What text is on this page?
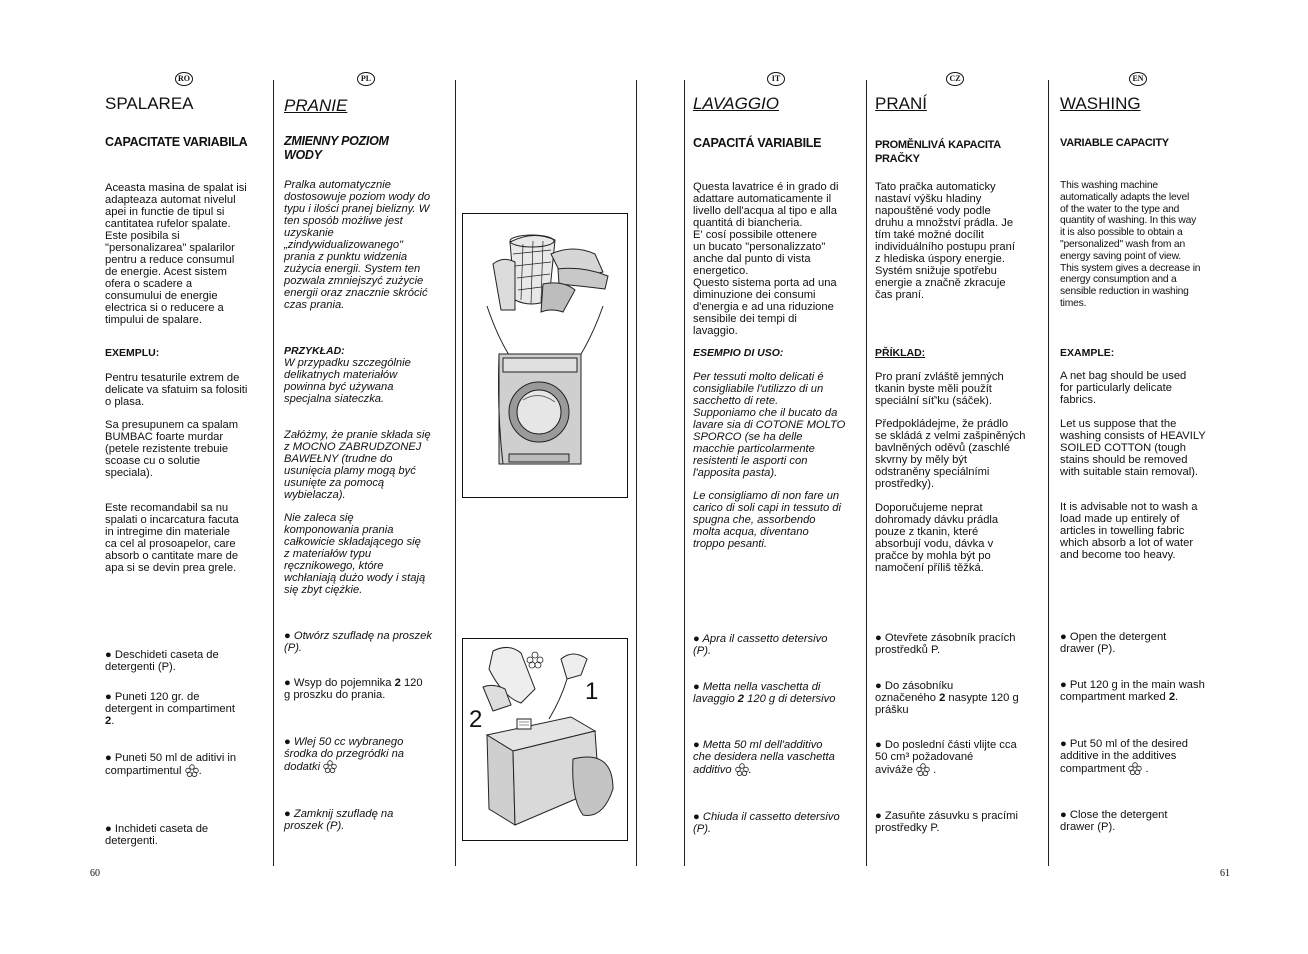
RO	PL	IT	CZ	EN
SPALAREA
CAPACITATE VARIABILA

Aceasta masina de spalat isi
adapteaza automat nivelul
apei in functie de tipul si
cantitatea rufelor spalate.
Este posibila si
"personalizarea" spalarilor
pentru a reduce consumul
de energie. Acest sistem
ofera o scadere a
consumului de energie
electrica si o reducere a
timpului de spalare.

EXEMPLU:

Pentru tesaturile extrem de
delicate va sfatuim sa folositi
o plasa.

Sa presupunem ca spalam
BUMBAC foarte murdar
(petele rezistente trebuie
scoase cu o solutie
speciala).

Este recomandabil sa nu
spalati o incarcatura facuta
in intregime din materiale
ca cel al prosoapelor, care
absorb o cantitate mare de
apa si se devin prea grele.

● Deschideti caseta de
detergenti (P).

● Puneti 120 gr. de
detergent in compartiment
2.

● Puneti 50 ml de aditivi in
compartimentul .

● Inchideti caseta de
detergenti.

PRANIE
ZMIENNY POZIOM
WODY

Pralka automatycznie
dostosowuje poziom wody do
typu i ilości pranej bielizny. W
ten sposób możliwe jest
uzyskanie
„zindywidualizowanego"
prania z punktu widzenia
zużycia energii. System ten
pozwala zmniejszyć zużycie
energii oraz znacznie skrócić
czas prania.

PRZYKŁAD:

W przypadku szczególnie
delikatnych materiałów
powinna być używana
specjalna siateczka.

Załóżmy, że pranie składa się
z MOCNO ZABRUDZONEJ
BAWEŁNY (trudne do
usunięcia plamy mogą być
usunięte za pomocą
wybielacza).

Nie zaleca się
komponowania prania
całkowicie składającego się
z materiałów typu
ręcznikowego, które
wchłaniają dużo wody i stają
się zbyt ciężkie.

● Otwórz szufladę na proszek
(P).

● Wsyp do pojemnika 2 120
g proszku do prania.

● Wlej 50 cc wybranego
środka do przegródki na
dodatki

● Zamknij szufladę na
proszek (P).

1
2
LAVAGGIO
CAPACITÁ VARIABILE

Questa lavatrice é in grado di
adattare automaticamente il
livello dell'acqua al tipo e alla
quantitá di biancheria.
E' cosí possibile ottenere
un bucato "personalizzato"
anche dal punto di vista
energetico.
Questo sistema porta ad una
diminuzione dei consumi
d'energia e ad una riduzione
sensibile dei tempi di
lavaggio.

ESEMPIO DI USO:

Per tessuti molto delicati é
consigliabile l'utilizzo di un
sacchetto di rete.
Supponiamo che il bucato da
lavare sia di COTONE MOLTO
SPORCO (se ha delle
macchie particolarmente
resistenti le asporti con
l'apposita pasta).

Le consigliamo di non fare un
carico di soli capi in tessuto di
spugna che, assorbendo
molta acqua, diventano
troppo pesanti.

● Apra il cassetto detersivo
(P).

● Metta nella vaschetta di
lavaggio 2 120 g di detersivo

● Metta 50 ml dell'additivo
che desidera nella vaschetta
additivo .

● Chiuda il cassetto detersivo
(P).

PRANÍ
PROMĚNLIVÁ KAPACITA
PRAČKY

Tato pračka automaticky
nastaví výšku hladiny
napouštěné vody podle
druhu a množství prádla. Je
tím také možné docílit
individuálního postupu praní
z hlediska úspory energie.
Systém snižuje spotřebu
energie a značně zkracuje
čas praní.

PŘÍKLAD:

Pro praní zvláště jemných
tkanin byste měli použít
speciální síť'ku (sáček).

Předpokládejme, že prádlo
se skládá z velmi zašpiněných
bavlněných oděvů (zaschlé
skvrny by měly být
odstraněny speciálními
prostředky).

Doporučujeme neprat
dohromady dávku prádla
pouze z tkanin, které
absorbují vodu, dávka v
pračce by mohla být po
namočení příliš těžká.

● Otevřete zásobník pracích
prostředků P.

● Do zásobníku
označeného 2 nasypte 120 g
prášku

● Do poslední části vlijte cca
50 cm³ požadované
avivážе  .

● Zasuňte zásuvku s pracími
prostředky P.

WASHING
VARIABLE CAPACITY

This washing machine
automatically adapts the level
of the water to the type and
quantity of washing. In this way
it is also possible to obtain a
"personalized" wash from an
energy saving point of view.
This system gives a decrease in
energy consumption and a
sensible reduction in washing
times.

EXAMPLE:

A net bag should be used
for particularly delicate
fabrics.

Let us suppose that the
washing consists of HEAVILY
SOILED COTTON (tough
stains should be removed
with suitable stain removal).

It is advisable not to wash a
load made up entirely of
articles in towelling fabric
which absorb a lot of water
and become too heavy.

● Open the detergent
drawer (P).

● Put 120 g in the main wash
compartment marked 2.

● Put 50 ml of the desired
additive in the additives
compartment  .

● Close the detergent
drawer (P).

60	61
